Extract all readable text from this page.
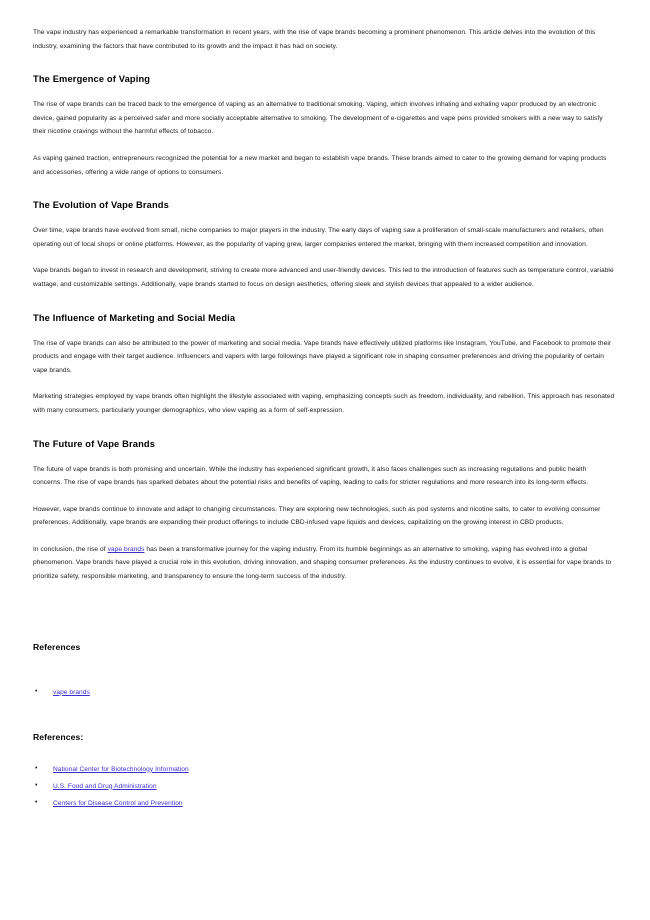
The vape industry has experienced a remarkable transformation in recent years, with the rise of vape brands becoming a prominent phenomenon. This article delves into the evolution of this industry, examining the factors that have contributed to its growth and the impact it has had on society.

The Emergence of Vaping

The rise of vape brands can be traced back to the emergence of vaping as an alternative to traditional smoking. Vaping, which involves inhaling and exhaling vapor produced by an electronic device, gained popularity as a perceived safer and more socially acceptable alternative to smoking. The development of e-cigarettes and vape pens provided smokers with a new way to satisfy their nicotine cravings without the harmful effects of tobacco.

As vaping gained traction, entrepreneurs recognized the potential for a new market and began to establish vape brands. These brands aimed to cater to the growing demand for vaping products and accessories, offering a wide range of options to consumers.

The Evolution of Vape Brands

Over time, vape brands have evolved from small, niche companies to major players in the industry. The early days of vaping saw a proliferation of small-scale manufacturers and retailers, often operating out of local shops or online platforms. However, as the popularity of vaping grew, larger companies entered the market, bringing with them increased competition and innovation.

Vape brands began to invest in research and development, striving to create more advanced and user-friendly devices. This led to the introduction of features such as temperature control, variable wattage, and customizable settings. Additionally, vape brands started to focus on design aesthetics, offering sleek and stylish devices that appealed to a wider audience.

The Influence of Marketing and Social Media

The rise of vape brands can also be attributed to the power of marketing and social media. Vape brands have effectively utilized platforms like Instagram, YouTube, and Facebook to promote their products and engage with their target audience. Influencers and vapers with large followings have played a significant role in shaping consumer preferences and driving the popularity of certain vape brands.

Marketing strategies employed by vape brands often highlight the lifestyle associated with vaping, emphasizing concepts such as freedom, individuality, and rebellion. This approach has resonated with many consumers, particularly younger demographics, who view vaping as a form of self-expression.

The Future of Vape Brands

The future of vape brands is both promising and uncertain. While the industry has experienced significant growth, it also faces challenges such as increasing regulations and public health concerns. The rise of vape brands has sparked debates about the potential risks and benefits of vaping, leading to calls for stricter regulations and more research into its long-term effects.

However, vape brands continue to innovate and adapt to changing circumstances. They are exploring new technologies, such as pod systems and nicotine salts, to cater to evolving consumer preferences. Additionally, vape brands are expanding their product offerings to include CBD-infused vape liquids and devices, capitalizing on the growing interest in CBD products.

In conclusion, the rise of vape brands has been a transformative journey for the vaping industry. From its humble beginnings as an alternative to smoking, vaping has evolved into a global phenomenon. Vape brands have played a crucial role in this evolution, driving innovation, and shaping consumer preferences. As the industry continues to evolve, it is essential for vape brands to prioritize safety, responsible marketing, and transparency to ensure the long-term success of the industry.

References
• vape brands
References:
• National Center for Biotechnology Information
• U.S. Food and Drug Administration
• Centers for Disease Control and Prevention
